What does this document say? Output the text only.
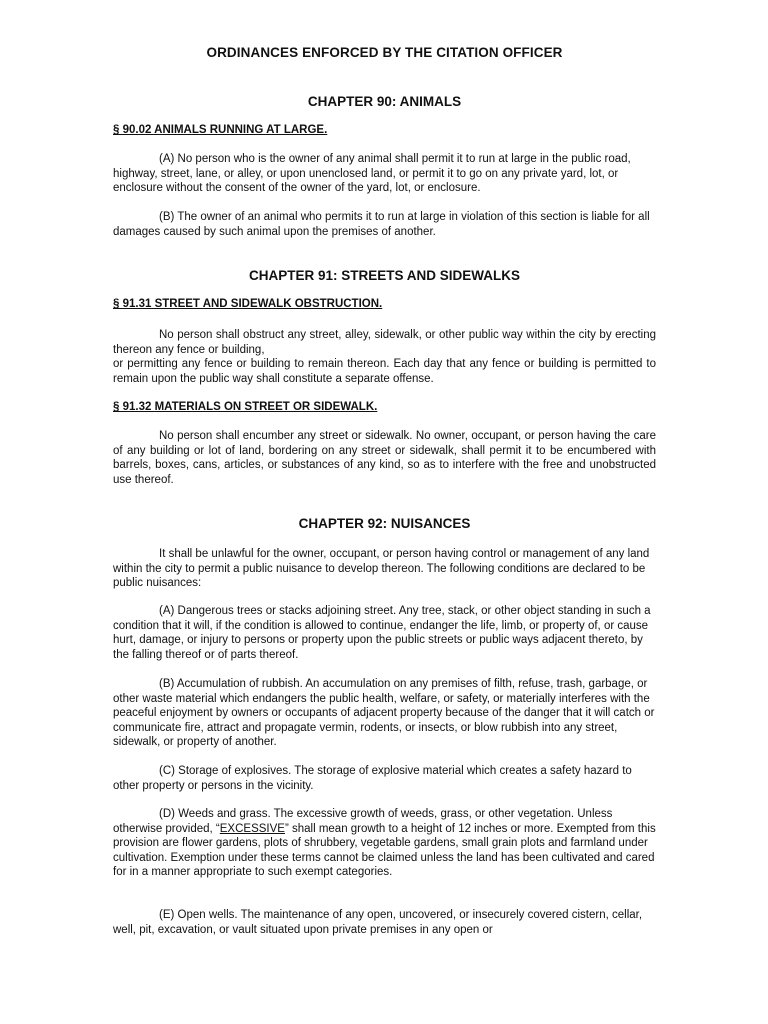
ORDINANCES ENFORCED BY THE CITATION OFFICER
CHAPTER 90: ANIMALS
§ 90.02 ANIMALS RUNNING AT LARGE.

(A) No person who is the owner of any animal shall permit it to run at large in the public road, highway, street, lane, or alley, or upon unenclosed land, or permit it to go on any private yard, lot, or enclosure without the consent of the owner of the yard, lot, or enclosure.

(B) The owner of an animal who permits it to run at large in violation of this section is liable for all damages caused by such animal upon the premises of another.

CHAPTER 91: STREETS AND SIDEWALKS
§ 91.31 STREET AND SIDEWALK OBSTRUCTION.

No person shall obstruct any street, alley, sidewalk, or other public way within the city by erecting thereon any fence or building,

or permitting any fence or building to remain thereon. Each day that any fence or building is permitted to remain upon the public way shall constitute a separate offense.

§ 91.32 MATERIALS ON STREET OR SIDEWALK.

No person shall encumber any street or sidewalk. No owner, occupant, or person having the care of any building or lot of land, bordering on any street or sidewalk, shall permit it to be encumbered with barrels, boxes, cans, articles, or substances of any kind, so as to interfere with the free and unobstructed use thereof.

CHAPTER 92: NUISANCES

It shall be unlawful for the owner, occupant, or person having control or management of any land within the city to permit a public nuisance to develop thereon. The following conditions are declared to be public nuisances:

(A) Dangerous trees or stacks adjoining street. Any tree, stack, or other object standing in such a condition that it will, if the condition is allowed to continue, endanger the life, limb, or property of, or cause hurt, damage, or injury to persons or property upon the public streets or public ways adjacent thereto, by the falling thereof or of parts thereof.

(B) Accumulation of rubbish. An accumulation on any premises of filth, refuse, trash, garbage, or other waste material which endangers the public health, welfare, or safety, or materially interferes with the peaceful enjoyment by owners or occupants of adjacent property because of the danger that it will catch or communicate fire, attract and propagate vermin, rodents, or insects, or blow rubbish into any street, sidewalk, or property of another.

(C) Storage of explosives. The storage of explosive material which creates a safety hazard to other property or persons in the vicinity.

(D) Weeds and grass. The excessive growth of weeds, grass, or other vegetation. Unless otherwise provided, “EXCESSIVE” shall mean growth to a height of 12 inches or more. Exempted from this provision are flower gardens, plots of shrubbery, vegetable gardens, small grain plots and farmland under cultivation. Exemption under these terms cannot be claimed unless the land has been cultivated and cared for in a manner appropriate to such exempt categories.

(E) Open wells. The maintenance of any open, uncovered, or insecurely covered cistern, cellar, well, pit, excavation, or vault situated upon private premises in any open or
